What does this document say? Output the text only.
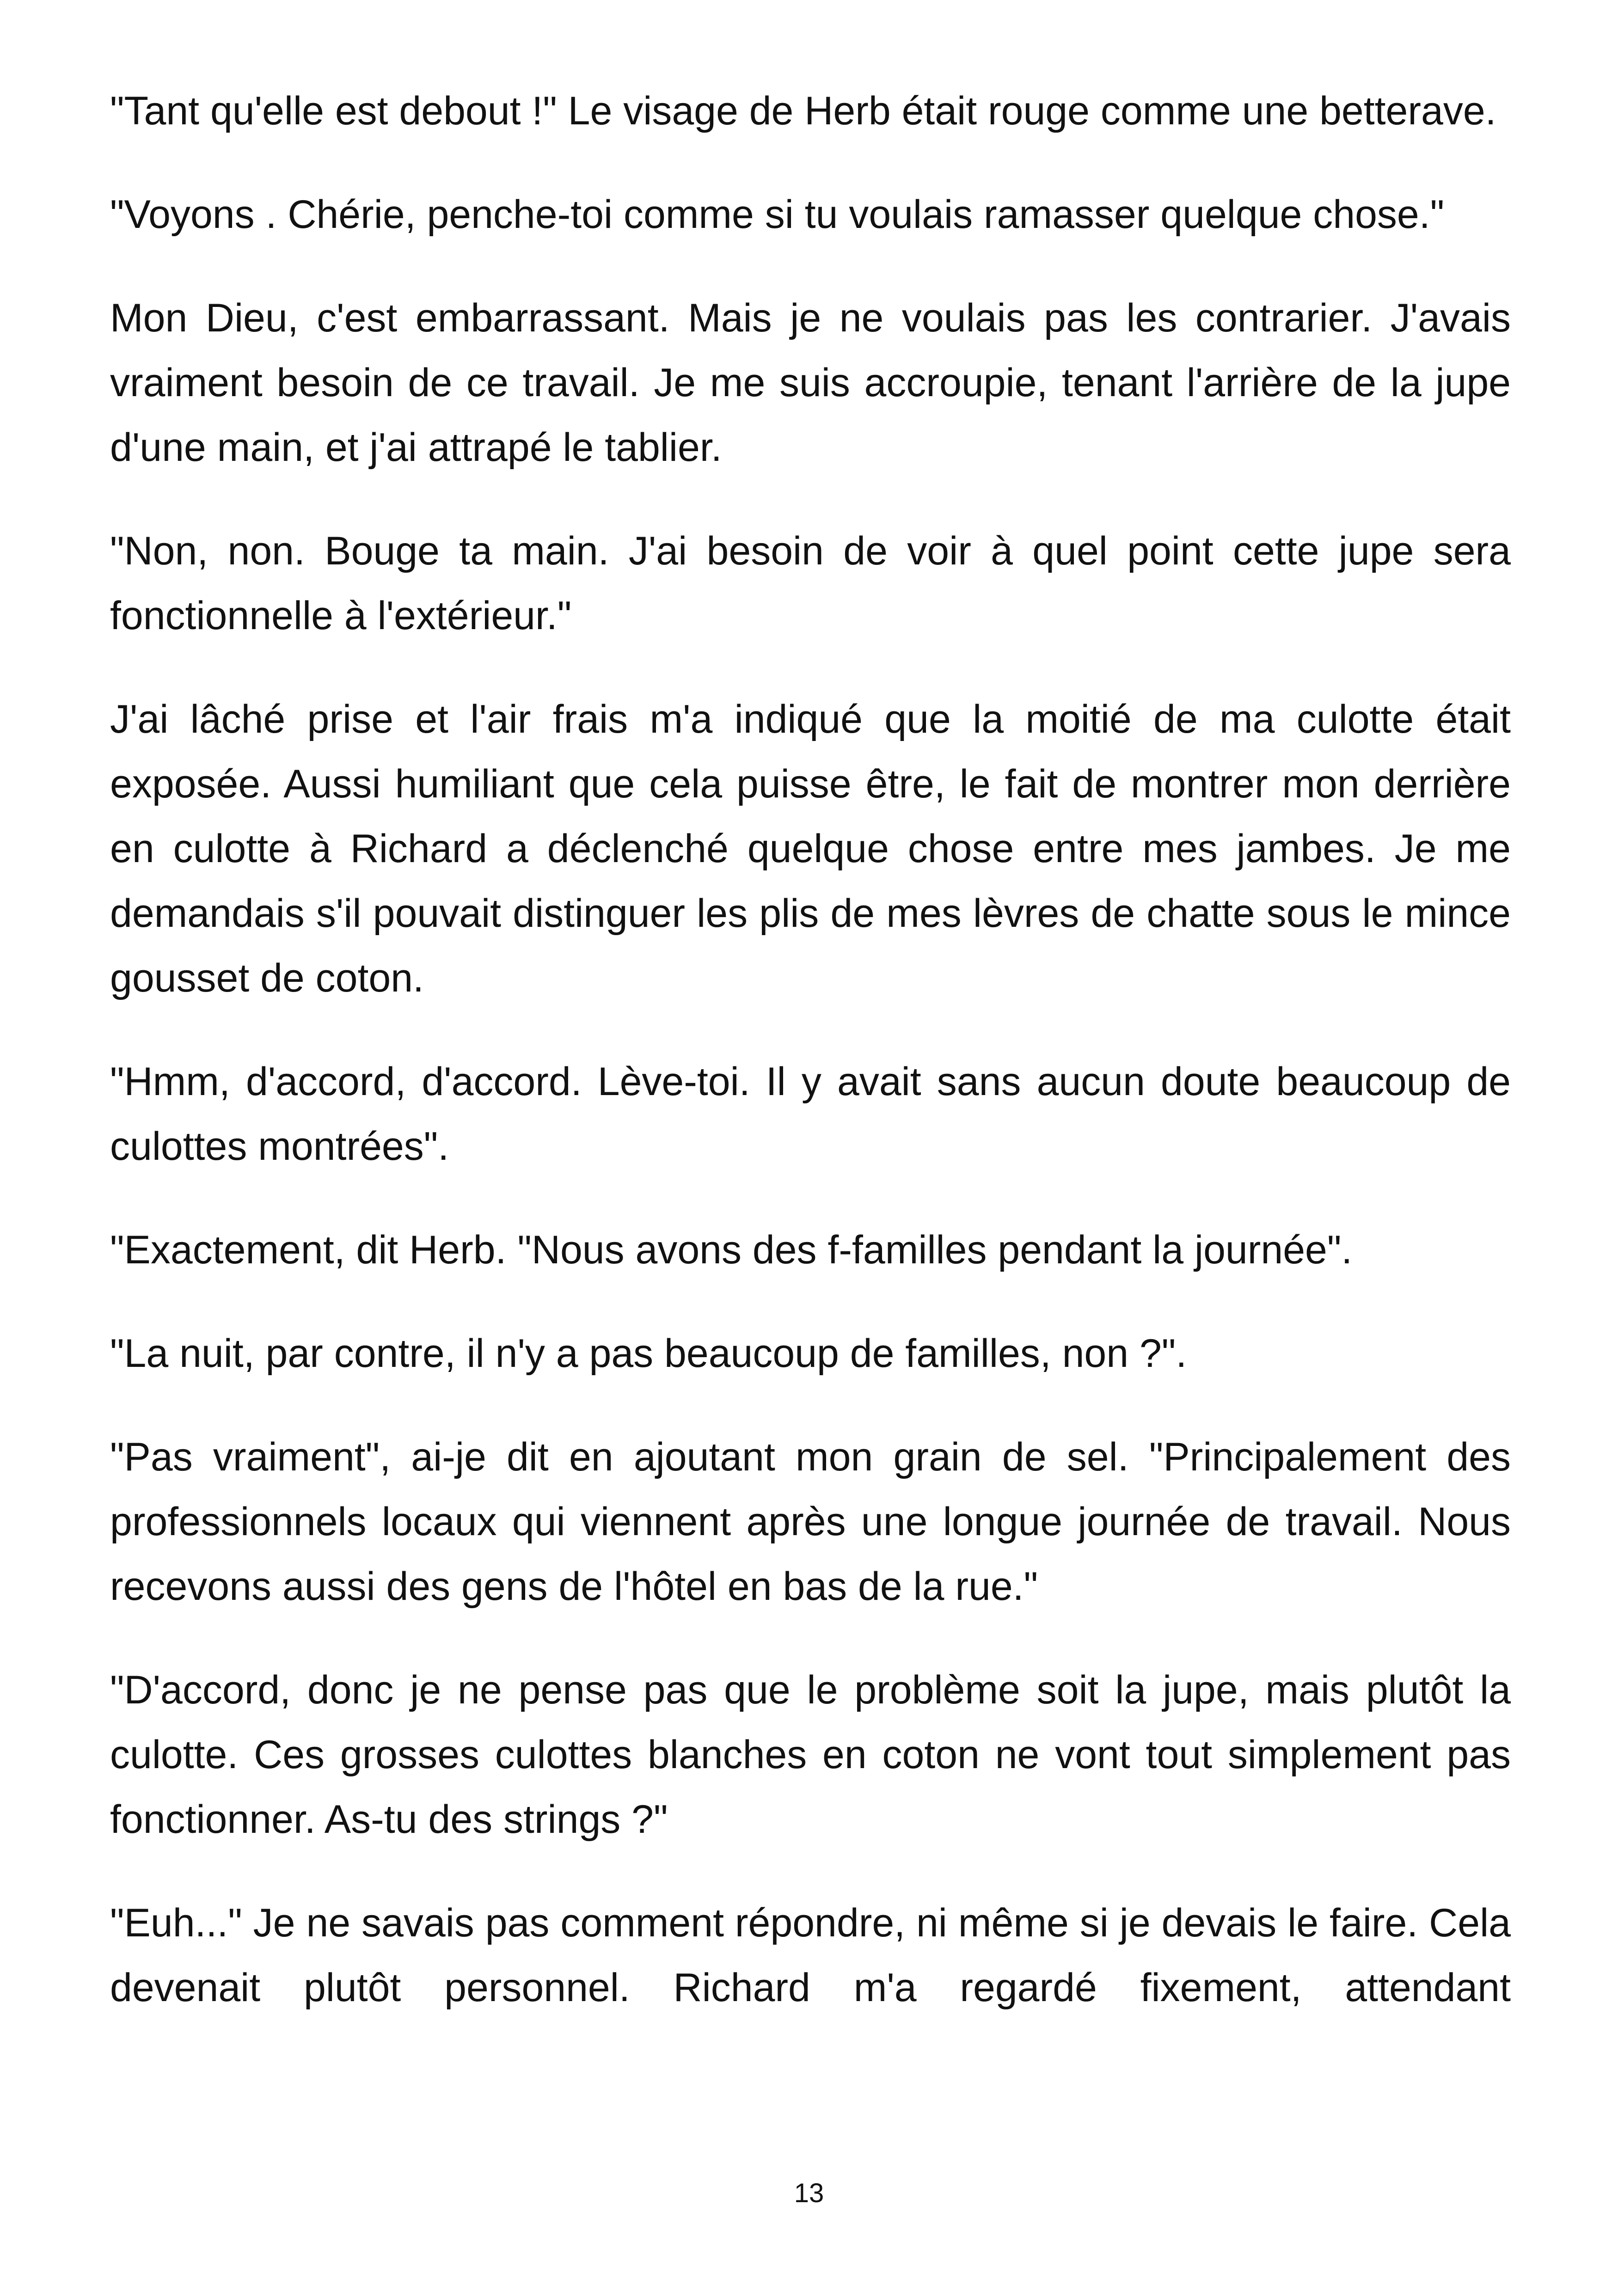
"Tant qu'elle est debout !" Le visage de Herb était rouge comme une betterave.

"Voyons . Chérie, penche-toi comme si tu voulais ramasser quelque chose."

Mon Dieu, c'est embarrassant. Mais je ne voulais pas les contrarier. J'avais vraiment besoin de ce travail. Je me suis accroupie, tenant l'arrière de la jupe d'une main, et j'ai attrapé le tablier.

"Non, non. Bouge ta main. J'ai besoin de voir à quel point cette jupe sera fonctionnelle à l'extérieur."

J'ai lâché prise et l'air frais m'a indiqué que la moitié de ma culotte était exposée. Aussi humiliant que cela puisse être, le fait de montrer mon derrière en culotte à Richard a déclenché quelque chose entre mes jambes. Je me demandais s'il pouvait distinguer les plis de mes lèvres de chatte sous le mince gousset de coton.

"Hmm, d'accord, d'accord. Lève-toi. Il y avait sans aucun doute beaucoup de culottes montrées".

"Exactement, dit Herb. "Nous avons des f-familles pendant la journée".

"La nuit, par contre, il n'y a pas beaucoup de familles, non ?".

"Pas vraiment", ai-je dit en ajoutant mon grain de sel. "Principalement des professionnels locaux qui viennent après une longue journée de travail. Nous recevons aussi des gens de l'hôtel en bas de la rue."

"D'accord, donc je ne pense pas que le problème soit la jupe, mais plutôt la culotte. Ces grosses culottes blanches en coton ne vont tout simplement pas fonctionner. As-tu des strings ?"

"Euh..." Je ne savais pas comment répondre, ni même si je devais le faire. Cela devenait plutôt personnel. Richard m'a regardé fixement, attendant

13
